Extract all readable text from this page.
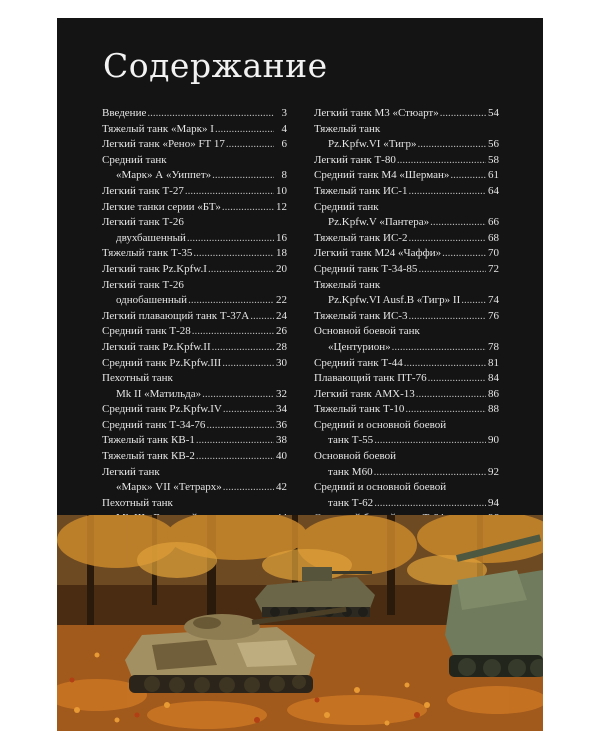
Содержание
Введение .....	3
Тяжелый танк «Марк» I .....	4
Легкий танк «Рено» FT 17 .....	6
Средний танк
«Марк» А «Уиппет» .....	8
Легкий танк Т-27 .....	10
Легкие танки серии «БТ» .....	12
Легкий танк Т-26
двухбашенный .....	16
Тяжелый танк Т-35 .....	18
Легкий танк Pz.Kpfw.I .....	20
Легкий танк Т-26
однобашенный .....	22
Легкий плавающий танк Т-37А ..... 24
Средний танк Т-28 .....	26
Легкий танк Pz.Kpfw.II .....	28
Средний танк Pz.Kpfw.III .....	30
Пехотный танк
Mk II «Матильда» .....	32
Средний танк Pz.Kpfw.IV .....	34
Средний танк Т-34-76 .....	36
Тяжелый танк КВ-1 .....	38
Тяжелый танк КВ-2 .....	40
Легкий танк
«Марк» VII «Тетрарх» .....	42
Пехотный танк
.....
.....
.....
.....
Легкий танк М3 «Стюарт» .....	54
Тяжелый танк
Pz.Kpfw.VI «Тигр» .....	56
Легкий танк Т-80 .....	58
Средний танк М4 «Шерман» .....	61
Тяжелый танк ИС-1 .....	64
Средний танк
Pz.Kpfw.V «Пантера» .....	66
Тяжелый танк ИС-2 .....	68
Легкий танк М24 «Чаффи» .....	70
Средний танк Т-34-85 .....	72
Тяжелый танк
Pz.Kpfw.VI Ausf.B «Тигр» II .....	74
Тяжелый танк ИС-3 .....	76
Основной боевой танк
«Центурион» .....	78
Средний танк Т-44 .....	81
Плавающий танк ПТ-76 .....	84
Легкий танк АМХ-13 .....	86
Тяжелый танк Т-10 .....	88
Средний и основной боевой
танк Т-55 .....	90
Основной боевой
танк М60 .....	92
Средний и основной боевой
танк Т-62 .....	94
.....
.....
.....
.....
